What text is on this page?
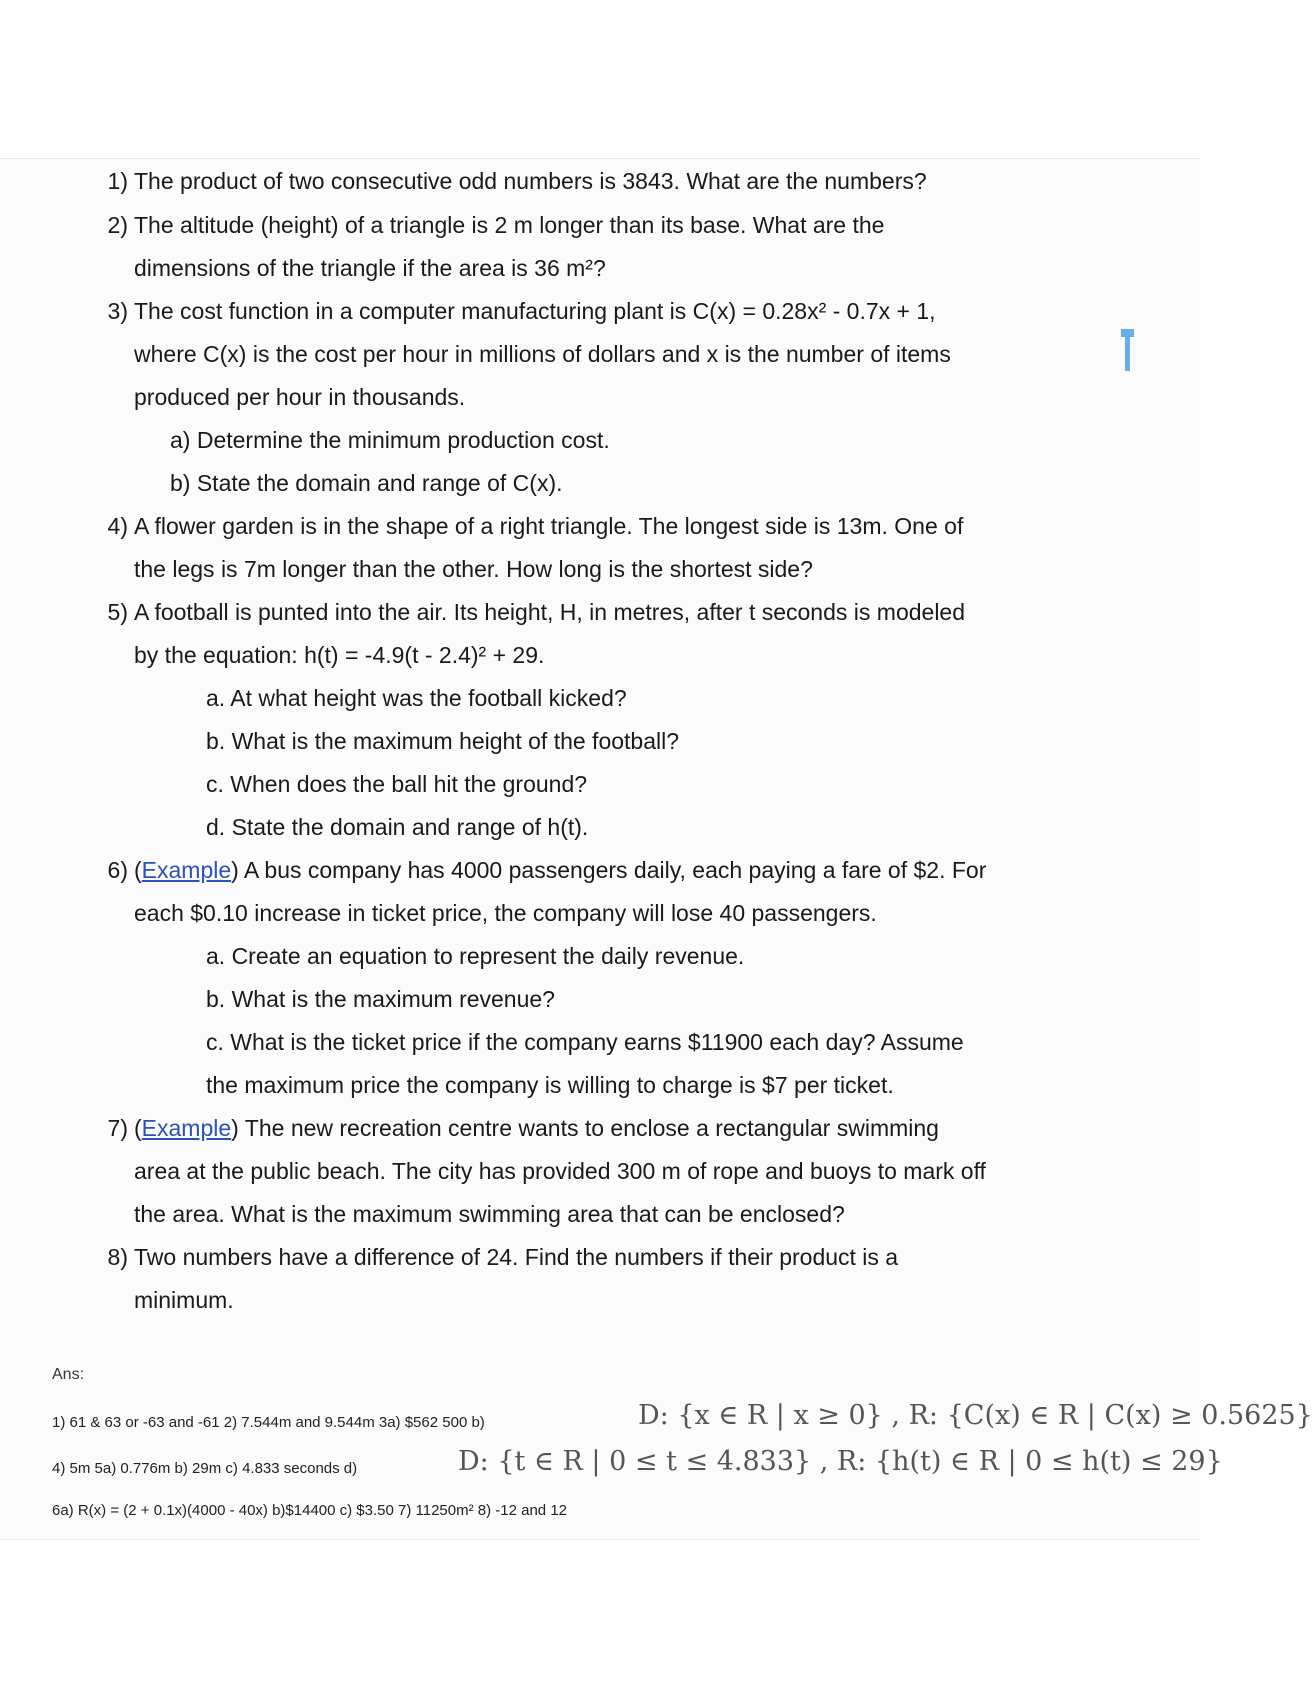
1) The product of two consecutive odd numbers is 3843. What are the numbers?
2) The altitude (height) of a triangle is 2 m longer than its base. What are the
dimensions of the triangle if the area is 36 m²?
3) The cost function in a computer manufacturing plant is C(x) = 0.28x² - 0.7x + 1,
where C(x) is the cost per hour in millions of dollars and x is the number of items
produced per hour in thousands.
a) Determine the minimum production cost.
b) State the domain and range of C(x).
4) A flower garden is in the shape of a right triangle. The longest side is 13m. One of
the legs is 7m longer than the other. How long is the shortest side?
5) A football is punted into the air. Its height, H, in metres, after t seconds is modeled
by the equation: h(t) = -4.9(t - 2.4)² + 29.
a. At what height was the football kicked?
b. What is the maximum height of the football?
c. When does the ball hit the ground?
d. State the domain and range of h(t).
6) (Example) A bus company has 4000 passengers daily, each paying a fare of $2. For
each $0.10 increase in ticket price, the company will lose 40 passengers.
a. Create an equation to represent the daily revenue.
b. What is the maximum revenue?
c. What is the ticket price if the company earns $11900 each day? Assume
the maximum price the company is willing to charge is $7 per ticket.
7) (Example) The new recreation centre wants to enclose a rectangular swimming
area at the public beach. The city has provided 300 m of rope and buoys to mark off
the area. What is the maximum swimming area that can be enclosed?
8) Two numbers have a difference of 24. Find the numbers if their product is a
minimum.
Ans:
1) 61 & 63 or -63 and -61 2) 7.544m and 9.544m 3a) $562 500 b)	D: {x ∈ R | x ≥ 0} , R: {C(x) ∈ R | C(x) ≥ 0.5625}
4) 5m 5a) 0.776m b) 29m c) 4.833 seconds d)	D: {t ∈ R | 0 ≤ t ≤ 4.833} , R: {h(t) ∈ R | 0 ≤ h(t) ≤ 29}
6a) R(x) = (2 + 0.1x)(4000 - 40x) b)$14400 c) $3.50 7) 11250m² 8) -12 and 12
